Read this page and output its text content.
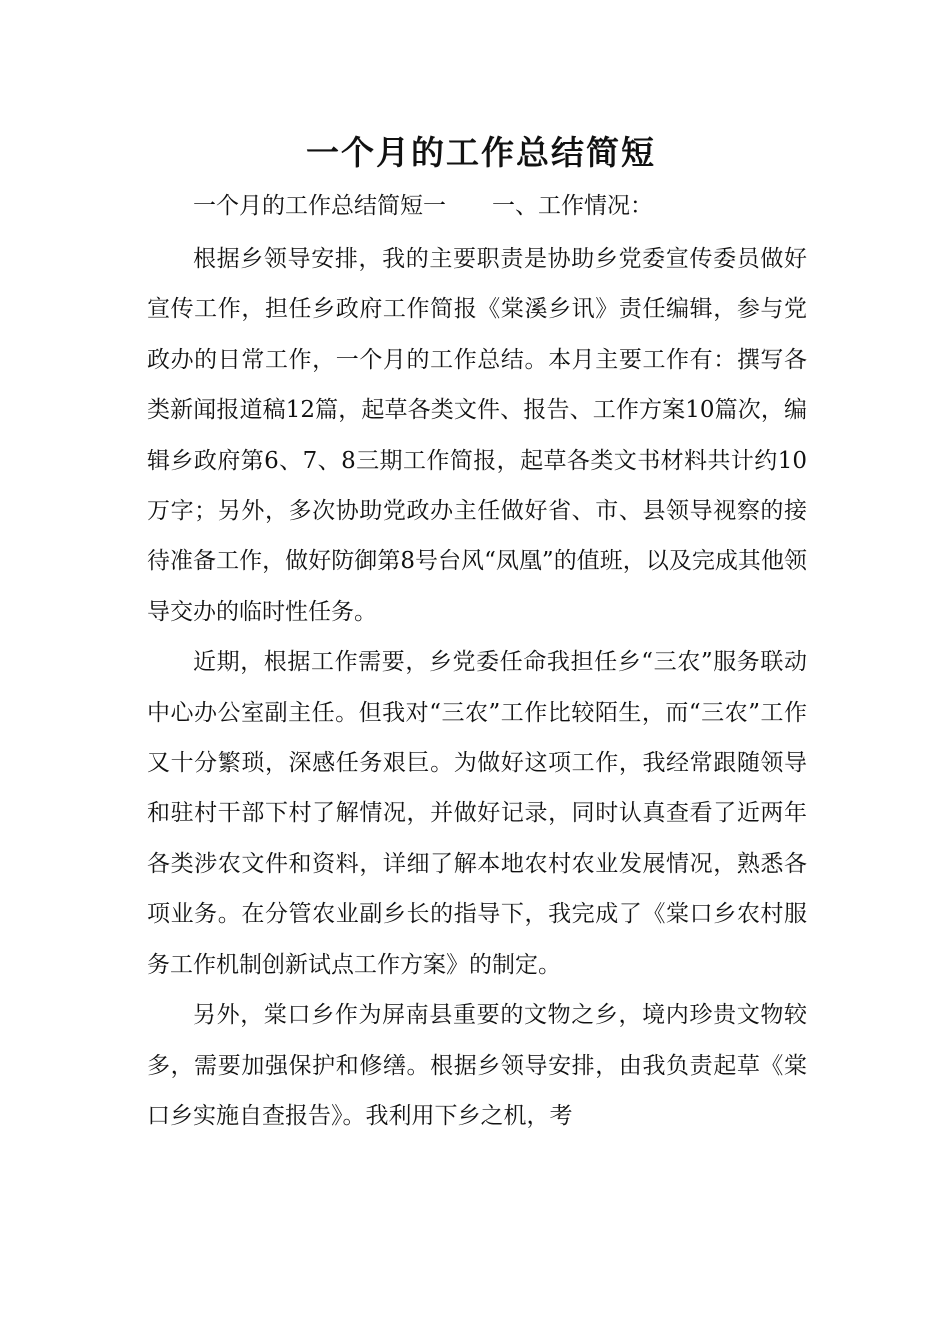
一个月的工作总结简短

一个月的工作总结简短一 一、工作情况：

根据乡领导安排，我的主要职责是协助乡党委宣传委员做好宣传工作，担任乡政府工作简报《棠溪乡讯》责任编辑，参与党政办的日常工作，一个月的工作总结。本月主要工作有：撰写各类新闻报道稿12篇，起草各类文件、报告、工作方案10篇次，编辑乡政府第6、7、8三期工作简报，起草各类文书材料共计约10万字；另外，多次协助党政办主任做好省、市、县领导视察的接待准备工作，做好防御第8号台风“凤凰”的值班，以及完成其他领导交办的临时性任务。

近期，根据工作需要，乡党委任命我担任乡“三农”服务联动中心办公室副主任。但我对“三农”工作比较陌生，而“三农”工作又十分繁琐，深感任务艰巨。为做好这项工作，我经常跟随领导和驻村干部下村了解情况，并做好记录，同时认真查看了近两年各类涉农文件和资料，详细了解本地农村农业发展情况，熟悉各项业务。在分管农业副乡长的指导下，我完成了《棠口乡农村服务工作机制创新试点工作方案》的制定。

另外，棠口乡作为屏南县重要的文物之乡，境内珍贵文物较多，需要加强保护和修缮。根据乡领导安排，由我负责起草《棠口乡实施自查报告》。我利用下乡之机，考
